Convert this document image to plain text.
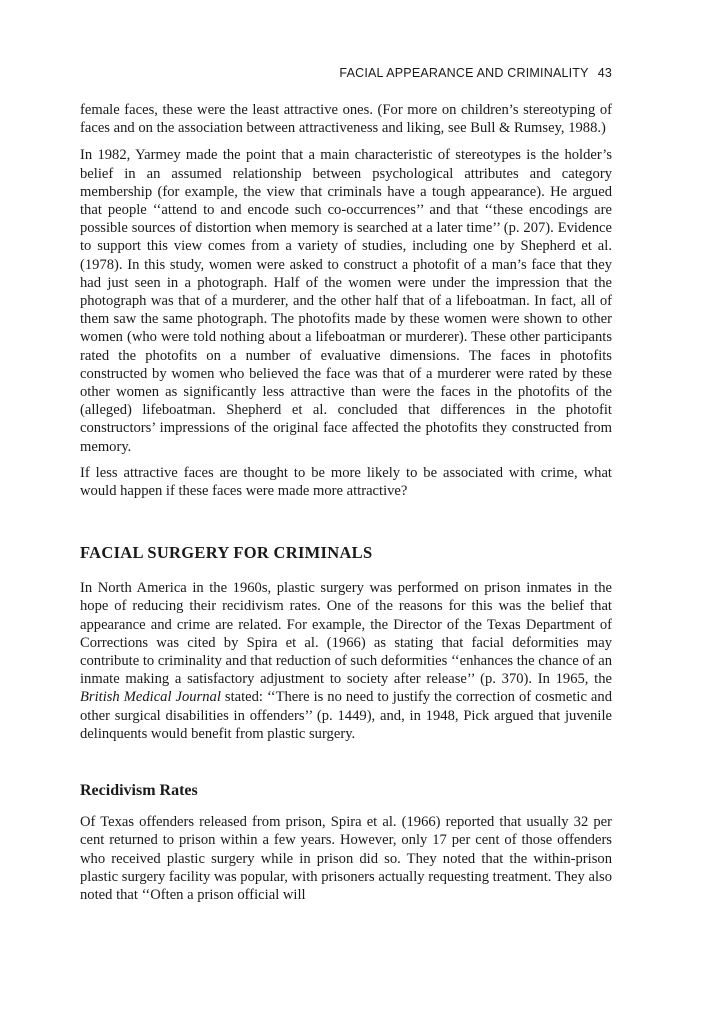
FACIAL APPEARANCE AND CRIMINALITY 43

female faces, these were the least attractive ones. (For more on children’s stereotyping of faces and on the association between attractiveness and liking, see Bull & Rumsey, 1988.)

In 1982, Yarmey made the point that a main characteristic of stereotypes is the holder’s belief in an assumed relationship between psychological attributes and category membership (for example, the view that criminals have a tough appearance). He argued that people ‘‘attend to and encode such co-occurrences’’ and that ‘‘these encodings are possible sources of distortion when memory is searched at a later time’’ (p. 207). Evidence to support this view comes from a variety of studies, including one by Shepherd et al. (1978). In this study, women were asked to construct a photofit of a man’s face that they had just seen in a photograph. Half of the women were under the impression that the photograph was that of a murderer, and the other half that of a lifeboatman. In fact, all of them saw the same photograph. The photofits made by these women were shown to other women (who were told nothing about a lifeboatman or murderer). These other participants rated the photofits on a number of evaluative dimensions. The faces in photofits constructed by women who believed the face was that of a murderer were rated by these other women as significantly less attractive than were the faces in the photofits of the (alleged) lifeboatman. Shepherd et al. concluded that differences in the photofit constructors’ impressions of the original face affected the photofits they constructed from memory.

If less attractive faces are thought to be more likely to be associated with crime, what would happen if these faces were made more attractive?

FACIAL SURGERY FOR CRIMINALS

In North America in the 1960s, plastic surgery was performed on prison inmates in the hope of reducing their recidivism rates. One of the reasons for this was the belief that appearance and crime are related. For example, the Director of the Texas Department of Corrections was cited by Spira et al. (1966) as stating that facial deformities may contribute to criminality and that reduction of such deformities ‘‘enhances the chance of an inmate making a satisfactory adjustment to society after release’’ (p. 370). In 1965, the British Medical Journal stated: ‘‘There is no need to justify the correction of cosmetic and other surgical disabilities in offenders’’ (p. 1449), and, in 1948, Pick argued that juvenile delinquents would benefit from plastic surgery.

Recidivism Rates

Of Texas offenders released from prison, Spira et al. (1966) reported that usually 32 per cent returned to prison within a few years. However, only 17 per cent of those offenders who received plastic surgery while in prison did so. They noted that the within-prison plastic surgery facility was popular, with prisoners actually requesting treatment. They also noted that ‘‘Often a prison official will
